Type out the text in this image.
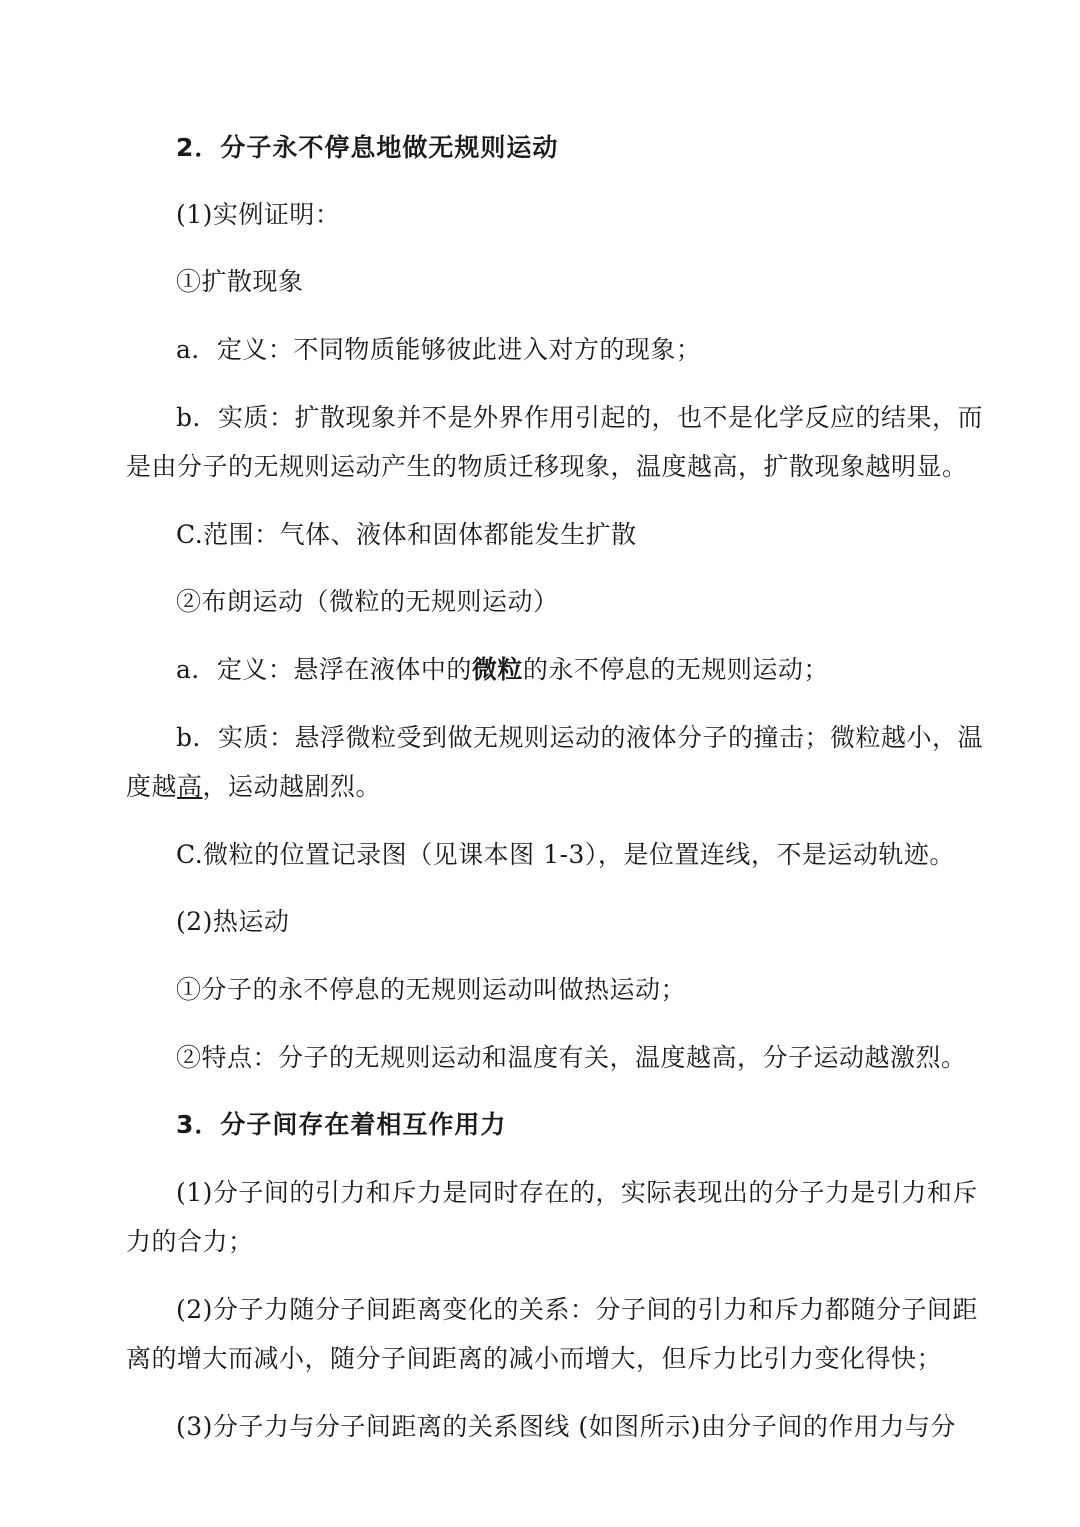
2．分子永不停息地做无规则运动
(1)实例证明：
①扩散现象
a．定义：不同物质能够彼此进入对方的现象；
b．实质：扩散现象并不是外界作用引起的，也不是化学反应的结果，而
是由分子的无规则运动产生的物质迁移现象，温度越高，扩散现象越明显。
C.范围：气体、液体和固体都能发生扩散
②布朗运动（微粒的无规则运动）
a．定义：悬浮在液体中的微粒的永不停息的无规则运动；
b．实质：悬浮微粒受到做无规则运动的液体分子的撞击；微粒越小，温
度越高，运动越剧烈。
C.微粒的位置记录图（见课本图 1-3），是位置连线，不是运动轨迹。
(2)热运动
①分子的永不停息的无规则运动叫做热运动；
②特点：分子的无规则运动和温度有关，温度越高，分子运动越激烈。
3．分子间存在着相互作用力
(1)分子间的引力和斥力是同时存在的，实际表现出的分子力是引力和斥
力的合力；
(2)分子力随分子间距离变化的关系：分子间的引力和斥力都随分子间距
离的增大而减小，随分子间距离的减小而增大，但斥力比引力变化得快；
(3)分子力与分子间距离的关系图线 (如图所示)由分子间的作用力与分
